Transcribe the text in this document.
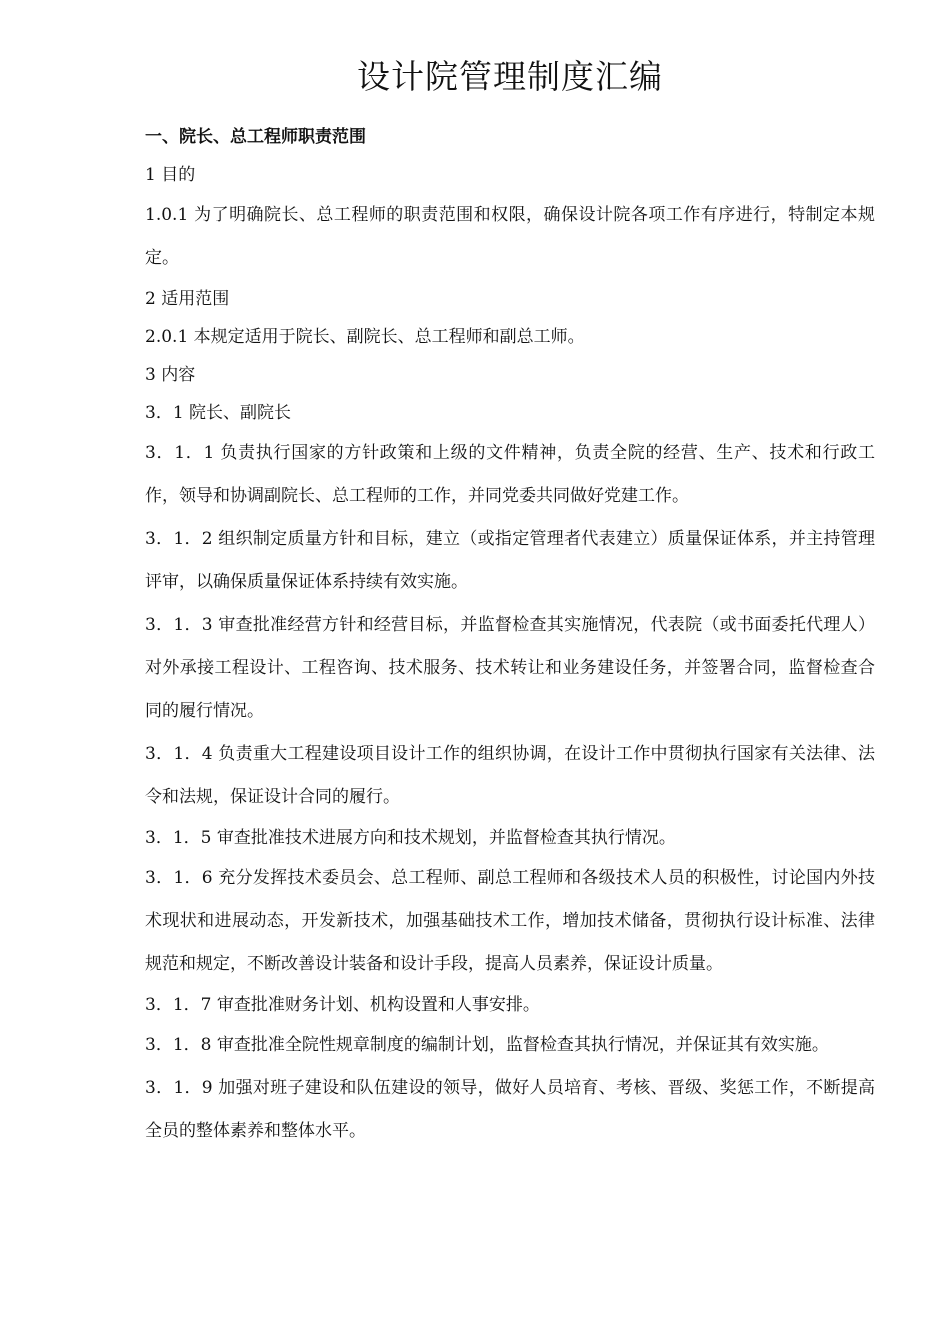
设计院管理制度汇编
一、院长、总工程师职责范围
1 目的
1.0.1 为了明确院长、总工程师的职责范围和权限，确保设计院各项工作有序进行，特制定本规定。
2 适用范围
2.0.1 本规定适用于院长、副院长、总工程师和副总工师。
3 内容
3．1 院长、副院长
3．1．1 负责执行国家的方针政策和上级的文件精神，负责全院的经营、生产、技术和行政工作，领导和协调副院长、总工程师的工作，并同党委共同做好党建工作。
3．1．2 组织制定质量方针和目标，建立（或指定管理者代表建立）质量保证体系，并主持管理评审，以确保质量保证体系持续有效实施。
3．1．3 审查批准经营方针和经营目标，并监督检查其实施情况，代表院（或书面委托代理人）对外承接工程设计、工程咨询、技术服务、技术转让和业务建设任务，并签署合同，监督检查合同的履行情况。
3．1．4 负责重大工程建设项目设计工作的组织协调，在设计工作中贯彻执行国家有关法律、法令和法规，保证设计合同的履行。
3．1．5 审查批准技术进展方向和技术规划，并监督检查其执行情况。
3．1．6 充分发挥技术委员会、总工程师、副总工程师和各级技术人员的积极性，讨论国内外技术现状和进展动态，开发新技术，加强基础技术工作，增加技术储备，贯彻执行设计标准、法律规范和规定，不断改善设计装备和设计手段，提高人员素养，保证设计质量。
3．1．7 审查批准财务计划、机构设置和人事安排。
3．1．8 审查批准全院性规章制度的编制计划，监督检查其执行情况，并保证其有效实施。
3．1．9 加强对班子建设和队伍建设的领导，做好人员培育、考核、晋级、奖惩工作，不断提高全员的整体素养和整体水平。
